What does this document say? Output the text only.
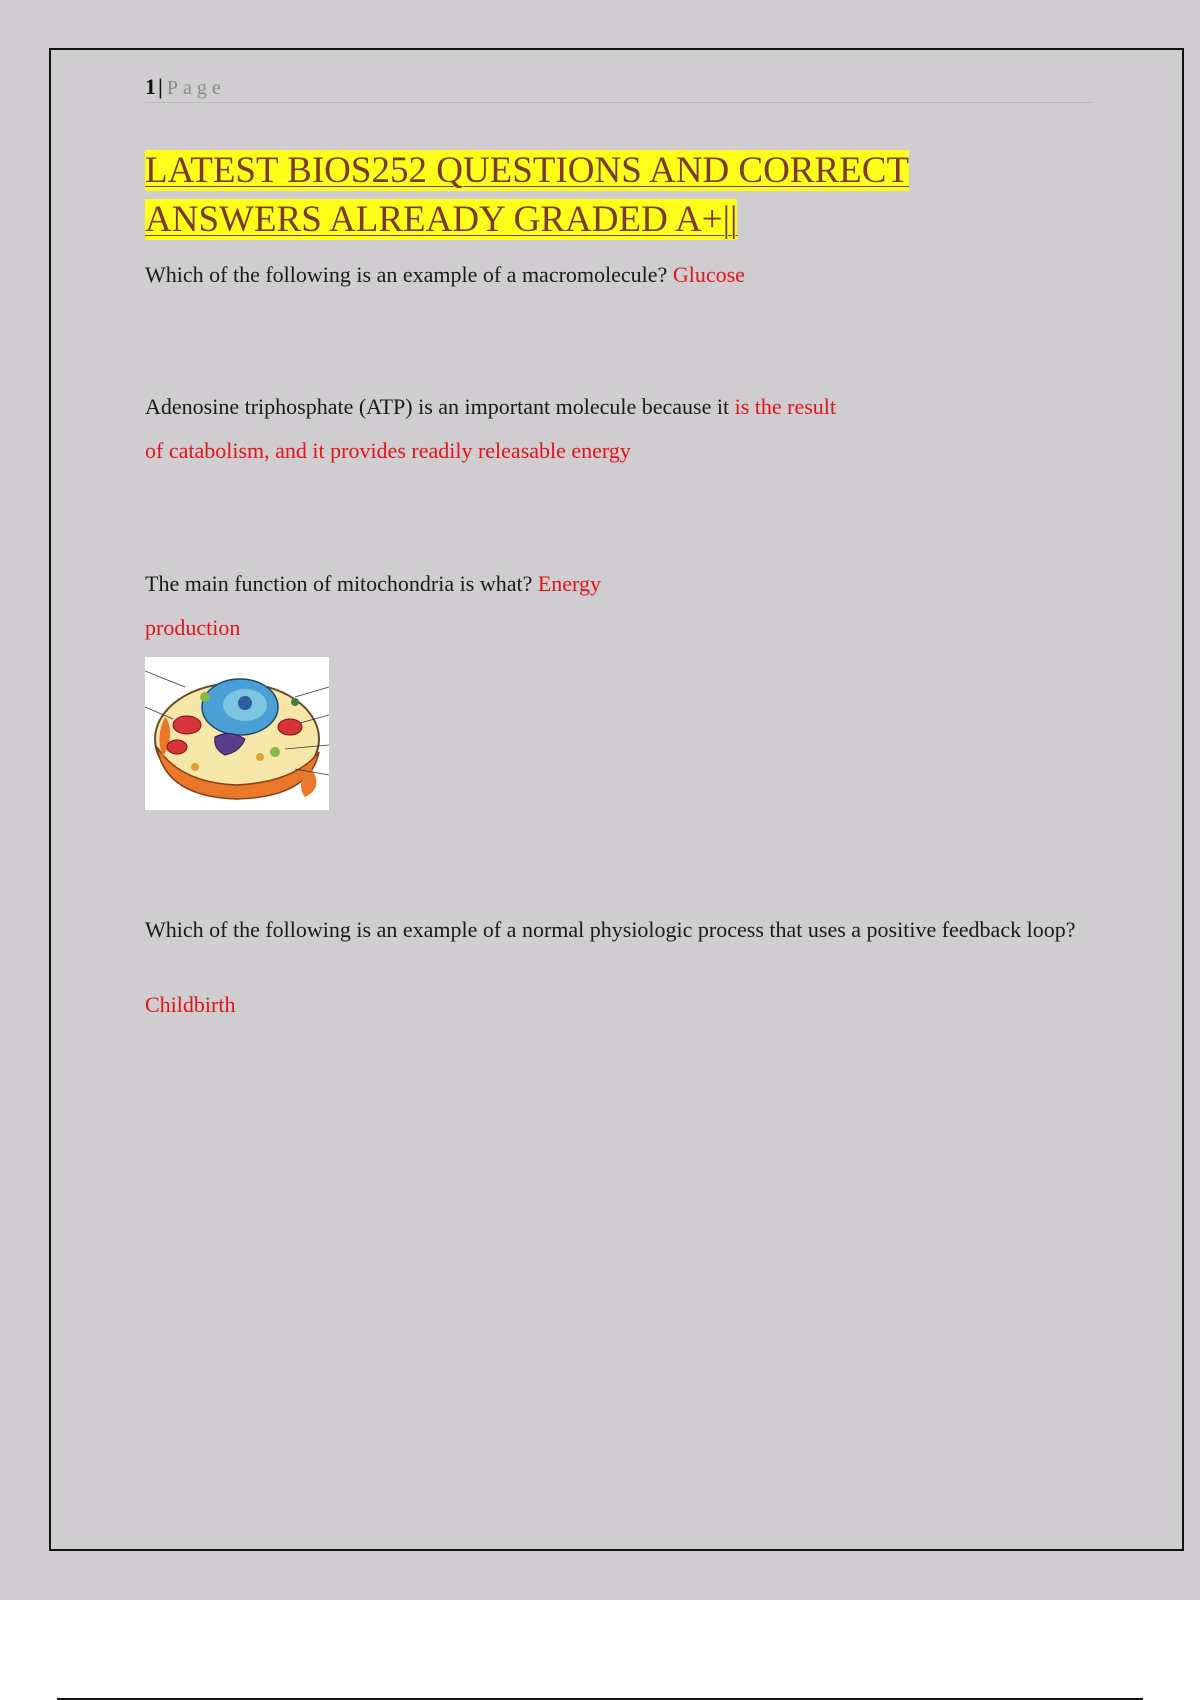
1| Page
LATEST BIOS252 QUESTIONS AND CORRECT
ANSWERS ALREADY GRADED A+||

Which of the following is an example of a macromolecule? Glucose

Adenosine triphosphate (ATP) is an important molecule because it is the result

of catabolism, and it provides readily releasable energy

The main function of mitochondria is what? Energy

production

Which of the following is an example of a normal physiologic process that uses a positive feedback loop?

Childbirth
